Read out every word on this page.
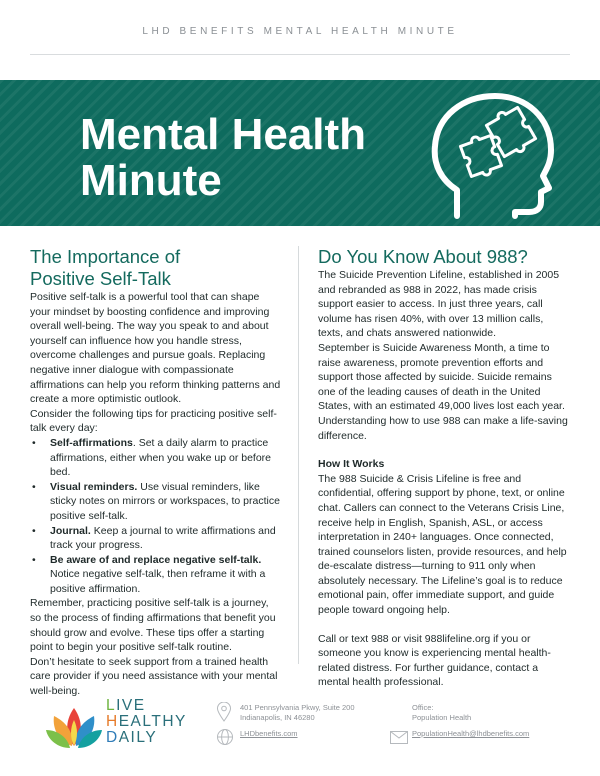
LHD BENEFITS MENTAL HEALTH MINUTE
Mental Health
Minute
The Importance of
Positive Self-Talk
Positive self-talk is a powerful tool that can shape your mindset by boosting confidence and improving overall well-being. The way you speak to and about yourself can influence how you handle stress, overcome challenges and pursue goals. Replacing negative inner dialogue with compassionate affirmations can help you reform thinking patterns and create a more optimistic outlook.
Consider the following tips for practicing positive self-talk every day:
• Self-affirmations. Set a daily alarm to practice affirmations, either when you wake up or before bed.
• Visual reminders. Use visual reminders, like sticky notes on mirrors or workspaces, to practice positive self-talk.
• Journal. Keep a journal to write affirmations and track your progress.
• Be aware of and replace negative self-talk. Notice negative self-talk, then reframe it with a positive affirmation.
Remember, practicing positive self-talk is a journey, so the process of finding affirmations that benefit you should grow and evolve. These tips offer a starting point to begin your positive self-talk routine.
Don’t hesitate to seek support from a trained health care provider if you need assistance with your mental well-being.
Do You Know About 988?
The Suicide Prevention Lifeline, established in 2005 and rebranded as 988 in 2022, has made crisis support easier to access. In just three years, call volume has risen 40%, with over 13 million calls, texts, and chats answered nationwide.
September is Suicide Awareness Month, a time to raise awareness, promote prevention efforts and support those affected by suicide. Suicide remains one of the leading causes of death in the United States, with an estimated 49,000 lives lost each year. Understanding how to use 988 can make a life-saving difference.
How It Works
The 988 Suicide & Crisis Lifeline is free and confidential, offering support by phone, text, or online chat. Callers can connect to the Veterans Crisis Line, receive help in English, Spanish, ASL, or access interpretation in 240+ languages. Once connected, trained counselors listen, provide resources, and help de-escalate distress—turning to 911 only when absolutely necessary. The Lifeline’s goal is to reduce emotional pain, offer immediate support, and guide people toward ongoing help.
Call or text 988 or visit 988lifeline.org if you or someone you know is experiencing mental health-related distress. For further guidance, contact a mental health professional.
LIVE
HEALTHY
DAILY
401 Pennsylvania Pkwy, Suite 200
Indianapolis, IN 46280
Office:
Population Health
LHDbenefits.com	PopulationHealth@lhdbenefits.com
